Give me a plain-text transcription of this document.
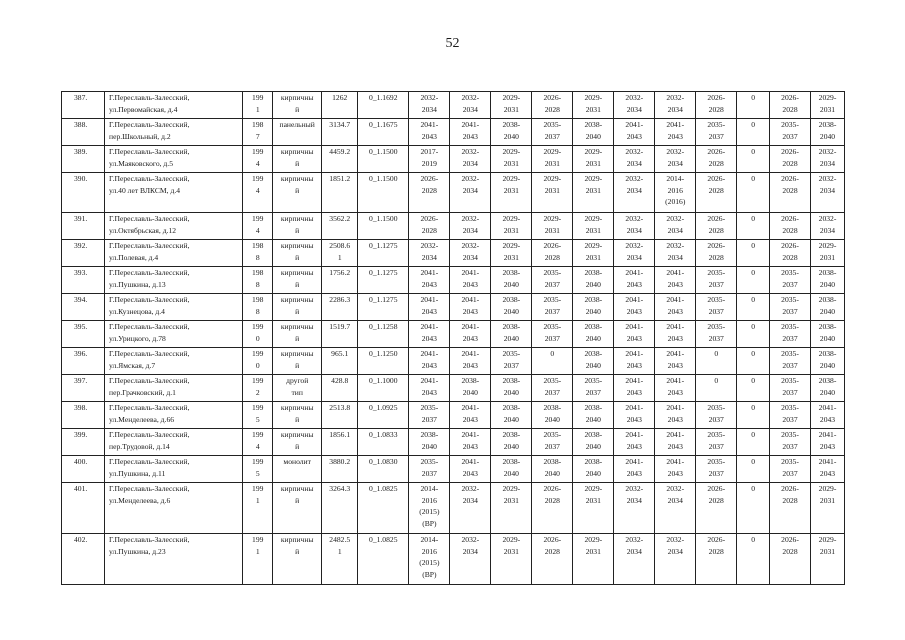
52
387.	Г.Переславль-Залесский,
ул.Первомайская, д.4	199
1	кирпичны
й	1262	0_1.1692	2032-
2034	2032-
2034	2029-
2031	2026-
2028	2029-
2031	2032-
2034	2032-
2034	2026-
2028	0	2026-
2028	2029-
2031

388.	Г.Переславль-Залесский,
пер.Школьный, д.2	198
7	панельный	3134.7	0_1.1675	2041-
2043	2041-
2043	2038-
2040	2035-
2037	2038-
2040	2041-
2043	2041-
2043	2035-
2037	0	2035-
2037	2038-
2040

389.	Г.Переславль-Залесский,
ул.Маяковского, д.5	199
4	кирпичны
й	4459.2	0_1.1500	2017-
2019	2032-
2034	2029-
2031	2029-
2031	2029-
2031	2032-
2034	2032-
2034	2026-
2028	0	2026-
2028	2032-
2034

390.	Г.Переславль-Залесский,
ул.40 лет ВЛКСМ, д.4	199
4	кирпичны
й	1851.2	0_1.1500	2026-
2028	2032-
2034	2029-
2031	2029-
2031	2029-
2031	2032-
2034	2014-
2016
(2016)	2026-
2028	0	2026-
2028	2032-
2034

391.	Г.Переславль-Залесский,
ул.Октябрьская, д.12	199
4	кирпичны
й	3562.2	0_1.1500	2026-
2028	2032-
2034	2029-
2031	2029-
2031	2029-
2031	2032-
2034	2032-
2034	2026-
2028	0	2026-
2028	2032-
2034

392.	Г.Переславль-Залесский,
ул.Полевая, д.4	198
8	кирпичны
й	2508.6
1	0_1.1275	2032-
2034	2032-
2034	2029-
2031	2026-
2028	2029-
2031	2032-
2034	2032-
2034	2026-
2028	0	2026-
2028	2029-
2031

393.	Г.Переславль-Залесский,
ул.Пушкина, д.13	198
8	кирпичны
й	1756.2	0_1.1275	2041-
2043	2041-
2043	2038-
2040	2035-
2037	2038-
2040	2041-
2043	2041-
2043	2035-
2037	0	2035-
2037	2038-
2040

394.	Г.Переславль-Залесский,
ул.Кузнецова, д.4	198
8	кирпичны
й	2286.3	0_1.1275	2041-
2043	2041-
2043	2038-
2040	2035-
2037	2038-
2040	2041-
2043	2041-
2043	2035-
2037	0	2035-
2037	2038-
2040

395.	Г.Переславль-Залесский,
ул.Урицкого, д.78	199
0	кирпичны
й	1519.7	0_1.1258	2041-
2043	2041-
2043	2038-
2040	2035-
2037	2038-
2040	2041-
2043	2041-
2043	2035-
2037	0	2035-
2037	2038-
2040

396.	Г.Переславль-Залесский,
ул.Ямская, д.7	199
0	кирпичны
й	965.1	0_1.1250	2041-
2043	2041-
2043	2035-
2037	0	2038-
2040	2041-
2043	2041-
2043	0	0	2035-
2037	2038-
2040

397.	Г.Переславль-Залесский,
пер.Грачковский, д.1	199
2	другой
тип	428.8	0_1.1000	2041-
2043	2038-
2040	2038-
2040	2035-
2037	2035-
2037	2041-
2043	2041-
2043	0	0	2035-
2037	2038-
2040

398.	Г.Переславль-Залесский,
ул.Менделеева, д.66	199
5	кирпичны
й	2513.8	0_1.0925	2035-
2037	2041-
2043	2038-
2040	2038-
2040	2038-
2040	2041-
2043	2041-
2043	2035-
2037	0	2035-
2037	2041-
2043

399.	Г.Переславль-Залесский,
пер.Трудовой, д.14	199
4	кирпичны
й	1856.1	0_1.0833	2038-
2040	2041-
2043	2038-
2040	2035-
2037	2038-
2040	2041-
2043	2041-
2043	2035-
2037	0	2035-
2037	2041-
2043

400.	Г.Переславль-Залесский,
ул.Пушкина, д.11	199
5	монолит	3880.2	0_1.0830	2035-
2037	2041-
2043	2038-
2040	2038-
2040	2038-
2040	2041-
2043	2041-
2043	2035-
2037	0	2035-
2037	2041-
2043

401.	Г.Переславль-Залесский,
ул.Менделеева, д.6	199
1	кирпичны
й	3264.3	0_1.0825	2014-
2016
(2015)
(ВР)	2032-
2034	2029-
2031	2026-
2028	2029-
2031	2032-
2034	2032-
2034	2026-
2028	0	2026-
2028	2029-
2031

402.	Г.Переславль-Залесский,
ул.Пушкина, д.23	199
1	кирпичны
й	2482.5
1	0_1.0825	2014-
2016
(2015)
(ВР)	2032-
2034	2029-
2031	2026-
2028	2029-
2031	2032-
2034	2032-
2034	2026-
2028	0	2026-
2028	2029-
2031
